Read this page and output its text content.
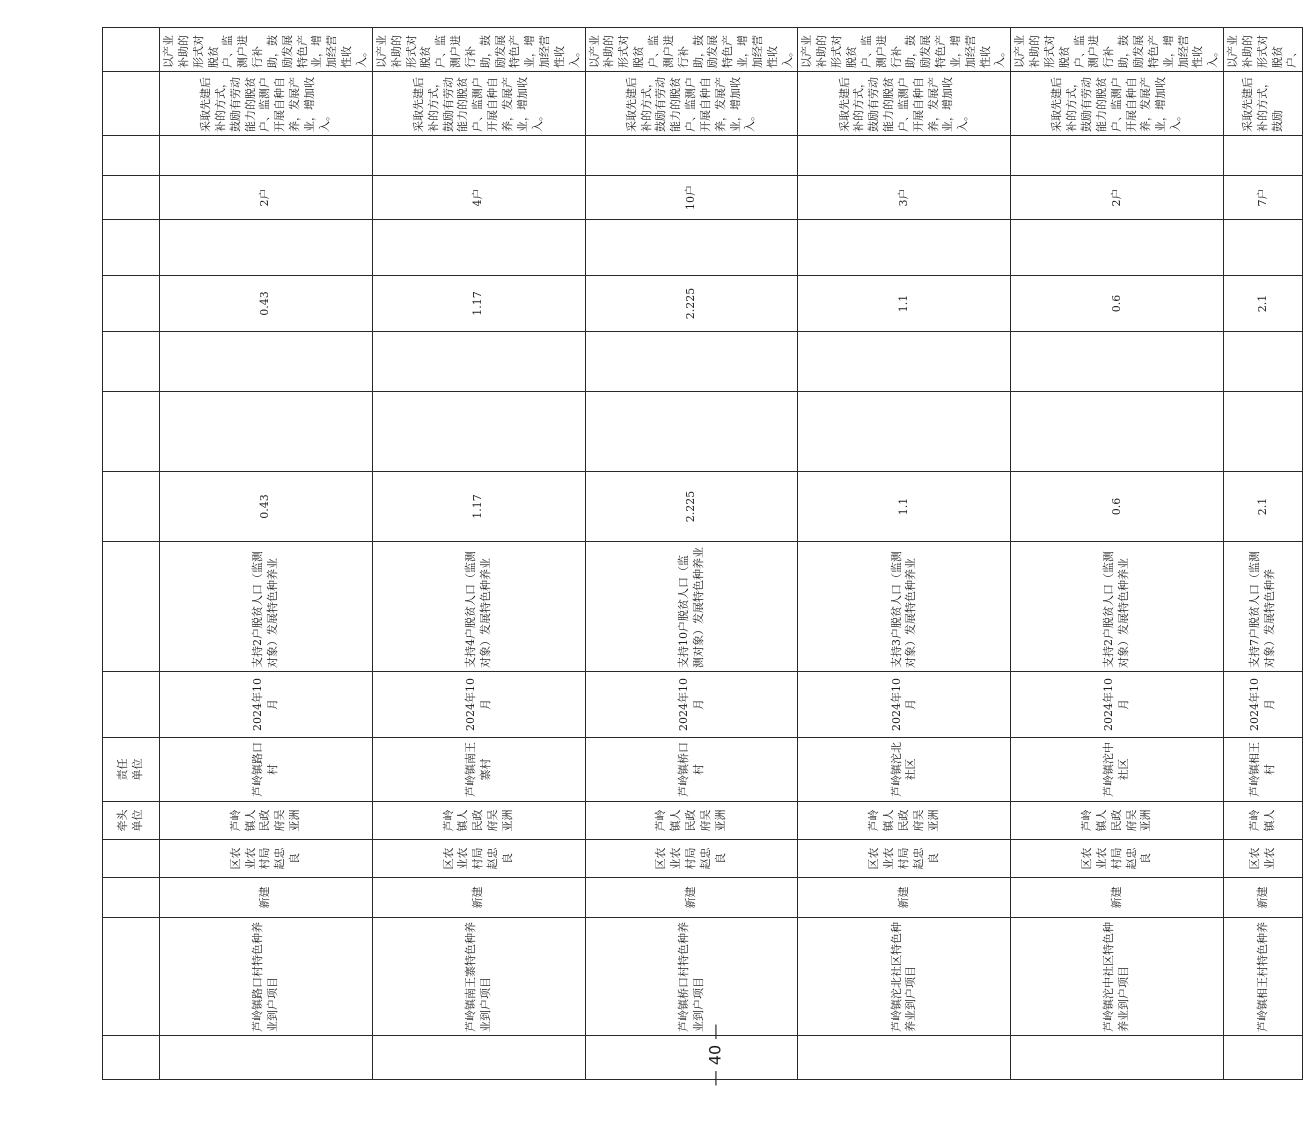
— 40 —
				牵头 单位	责任 单位											
	芦岭镇路口村特色种养业到户项目	新建	区农业农村局赵忠良	芦岭镇人民政府吴亚洲	芦岭镇路口村	2024年10月	支持2户脱贫人口（监测对象）发展特色种养业	0.43			0.43		2户		采取先建后补的方式，鼓励有劳动能力的脱贫户、监测户开展自种自养，发展产业，增加收入。	以产业补助的形式对脱贫户、监测户进行补助，鼓励发展特色产业，增加经营性收入。
	芦岭镇南王寨特色种养业到户项目	新建	区农业农村局赵忠良	芦岭镇人民政府吴亚洲	芦岭镇南王寨村	2024年10月	支持4户脱贫人口（监测对象）发展特色种养业	1.17			1.17		4户		采取先建后补的方式，鼓励有劳动能力的脱贫户、监测户开展自种自养，发展产业，增加收入。	以产业补助的形式对脱贫户、监测户进行补助，鼓励发展特色产业，增加经营性收入。
	芦岭镇桥口村特色种养业到户项目	新建	区农业农村局赵忠良	芦岭镇人民政府吴亚洲	芦岭镇桥口村	2024年10月	支持10户脱贫人口（监测对象）发展特色种养业	2.225			2.225		10户		采取先建后补的方式，鼓励有劳动能力的脱贫户、监测户开展自种自养，发展产业，增加收入。	以产业补助的形式对脱贫户、监测户进行补助，鼓励发展特色产业，增加经营性收入。
	芦岭镇沱北社区特色种养业到户项目	新建	区农业农村局赵忠良	芦岭镇人民政府吴亚洲	芦岭镇沱北社区	2024年10月	支持3户脱贫人口（监测对象）发展特色种养业	1.1			1.1		3户		采取先建后补的方式，鼓励有劳动能力的脱贫户、监测户开展自种自养，发展产业，增加收入。	以产业补助的形式对脱贫户、监测户进行补助，鼓励发展特色产业，增加经营性收入。
	芦岭镇沱中社区特色种养业到户项目	新建	区农业农村局赵忠良	芦岭镇人民政府吴亚洲	芦岭镇沱中社区	2024年10月	支持2户脱贫人口（监测对象）发展特色种养业	0.6			0.6		2户		采取先建后补的方式，鼓励有劳动能力的脱贫户、监测户开展自种自养，发展产业，增加收入。	以产业补助的形式对脱贫户、监测户进行补助，鼓励发展特色产业，增加经营性收入。
	芦岭镇相王村特色种养	新建	区农业农	芦岭镇人	芦岭镇相王村	2024年10月	支持7户脱贫人口（监测对象）发展特色种养	2.1			2.1		7户		采取先建后补的方式，鼓励	以产业补助的形式对脱贫户、
